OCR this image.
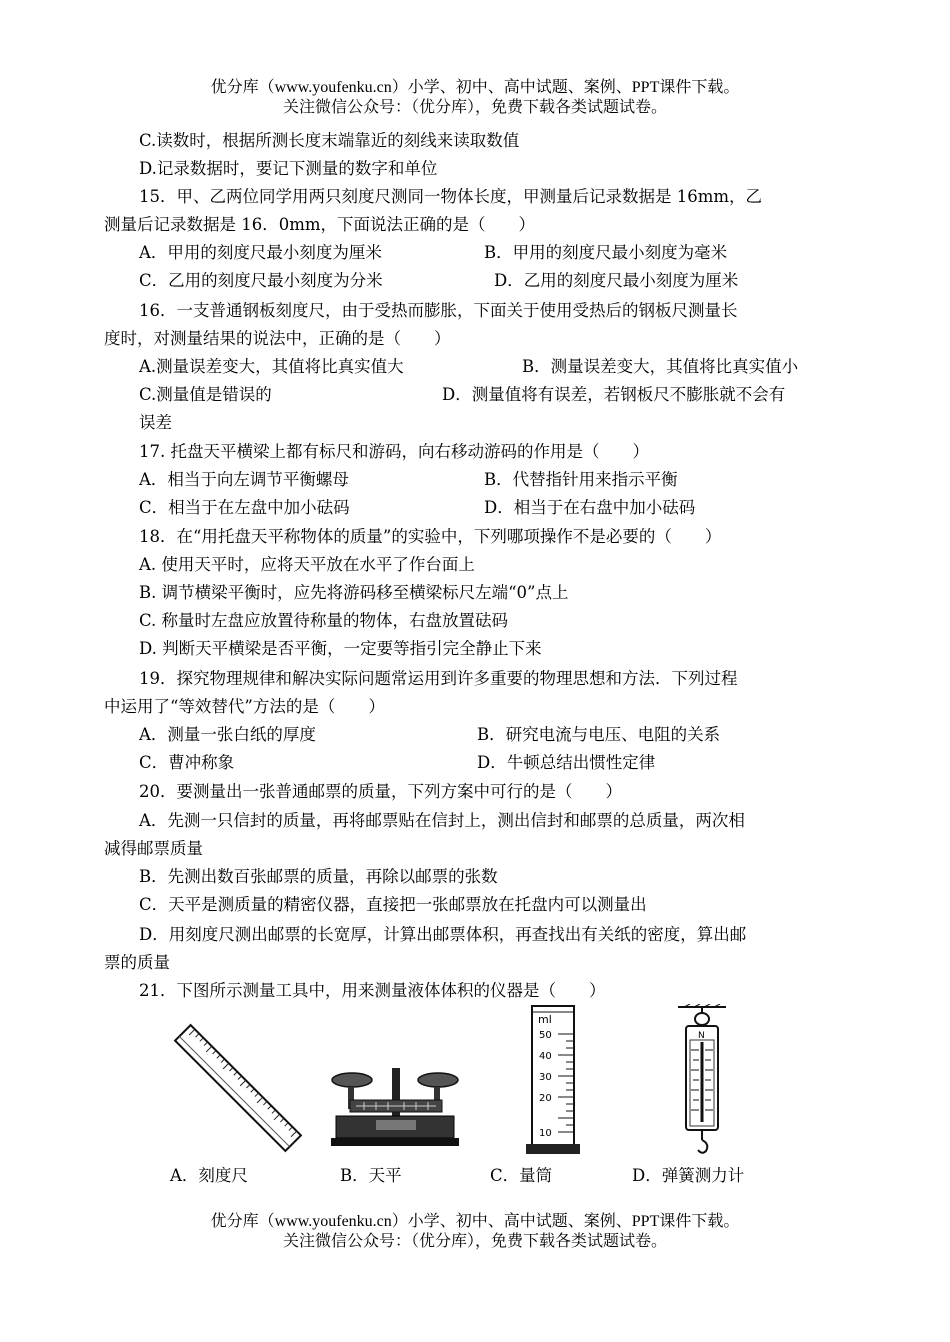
优分库（www.youfenku.cn）小学、初中、高中试题、案例、PPT课件下载。
关注微信公众号：（优分库），免费下载各类试题试卷。
C.读数时，根据所测长度末端靠近的刻线来读取数值
D.记录数据时，要记下测量的数字和单位
15．甲、乙两位同学用两只刻度尺测同一物体长度，甲测量后记录数据是 16mm，乙
测量后记录数据是 16．0mm，下面说法正确的是（　　）
A．甲用的刻度尺最小刻度为厘米	B．甲用的刻度尺最小刻度为毫米
C．乙用的刻度尺最小刻度为分米	D．乙用的刻度尺最小刻度为厘米
16．一支普通钢板刻度尺，由于受热而膨胀，下面关于使用受热后的钢板尺测量长
度时，对测量结果的说法中，正确的是（　　）
A.测量误差变大，其值将比真实值大	B．测量误差变大，其值将比真实值小
C.测量值是错误的	D．测量值将有误差，若钢板尺不膨胀就不会有
误差
17. 托盘天平横梁上都有标尺和游码，向右移动游码的作用是（　　）
A．相当于向左调节平衡螺母	B．代替指针用来指示平衡
C．相当于在左盘中加小砝码	D．相当于在右盘中加小砝码
18．在“用托盘天平称物体的质量”的实验中，下列哪项操作不是必要的（　　）
A. 使用天平时，应将天平放在水平了作台面上
B. 调节横梁平衡时，应先将游码移至横梁标尺左端“0”点上
C. 称量时左盘应放置待称量的物体，右盘放置砝码
D. 判断天平横梁是否平衡，一定要等指引完全静止下来
19．探究物理规律和解决实际问题常运用到许多重要的物理思想和方法．下列过程
中运用了“等效替代”方法的是（　　）
A．测量一张白纸的厚度	B．研究电流与电压、电阻的关系
C．曹冲称象	D．牛顿总结出惯性定律
20．要测量出一张普通邮票的质量，下列方案中可行的是（　　）
A．先测一只信封的质量，再将邮票贴在信封上，测出信封和邮票的总质量，两次相
减得邮票质量
B．先测出数百张邮票的质量，再除以邮票的张数
C．天平是测质量的精密仪器，直接把一张邮票放在托盘内可以测量出
D．用刻度尺测出邮票的长宽厚，计算出邮票体积，再查找出有关纸的密度，算出邮
票的质量
21．下图所示测量工具中，用来测量液体体积的仪器是（　　）
ml
50
40
30
20
10
N
A．刻度尺	B．天平	C．量筒	D．弹簧测力计
优分库（www.youfenku.cn）小学、初中、高中试题、案例、PPT课件下载。
关注微信公众号：（优分库），免费下载各类试题试卷。
